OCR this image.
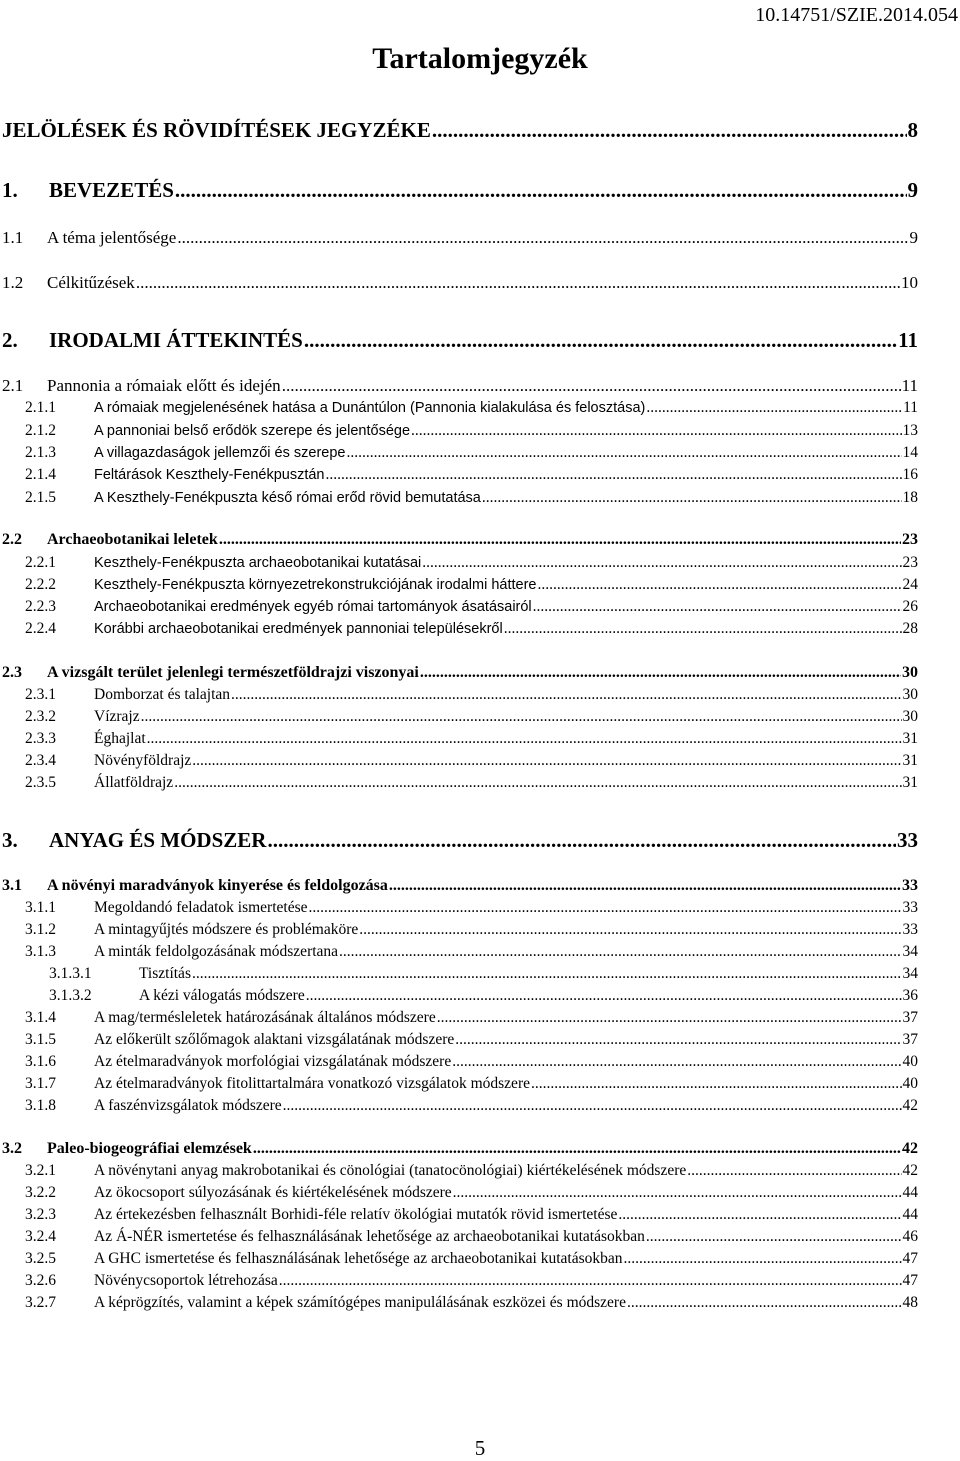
10.14751/SZIE.2014.054
Tartalomjegyzék
JELÖLÉSEK ÉS RÖVIDÍTÉSEK JEGYZÉKE .....	8
1.	BEVEZETÉS .....	9
1.1	A téma jelentősége .....	9
1.2	Célkitűzések .....	10
2.	IRODALMI ÁTTEKINTÉS .....	11
2.1	Pannonia a rómaiak előtt és idején .....	11
2.1.1	A rómaiak megjelenésének hatása a Dunántúlon (Pannonia kialakulása és felosztása) .....	11
2.1.2	A pannoniai belső erődök szerepe és jelentősége .....	13
2.1.3	A villagazdaságok jellemzői és szerepe .....	14
2.1.4	Feltárások Keszthely-Fenékpusztán .....	16
2.1.5	A Keszthely-Fenékpuszta késő római erőd rövid bemutatása .....	18
2.2	Archaeobotanikai leletek .....	23
2.2.1	Keszthely-Fenékpuszta archaeobotanikai kutatásai .....	23
2.2.2	Keszthely-Fenékpuszta környezetrekonstrukciójának irodalmi háttere .....	24
2.2.3	Archaeobotanikai eredmények egyéb római tartományok ásatásairól .....	26
2.2.4	Korábbi archaeobotanikai eredmények pannoniai településekről .....	28
2.3	A vizsgált terület jelenlegi természetföldrajzi viszonyai .....	30
2.3.1	Domborzat és talajtan .....	30
2.3.2	Vízrajz .....	30
2.3.3	Éghajlat .....	31
2.3.4	Növényföldrajz .....	31
2.3.5	Állatföldrajz .....	31
3.	ANYAG ÉS MÓDSZER .....	33
3.1	A növényi maradványok kinyerése és feldolgozása .....	33
3.1.1	Megoldandó feladatok ismertetése .....	33
3.1.2	A mintagyűjtés módszere és problémaköre .....	33
3.1.3	A minták feldolgozásának módszertana .....	34
3.1.3.1	Tisztítás .....	34
3.1.3.2	A kézi válogatás módszere .....	36
3.1.4	A mag/termésleletek határozásának általános módszere .....	37
3.1.5	Az előkerült szőlőmagok alaktani vizsgálatának módszere .....	37
3.1.6	Az ételmaradványok morfológiai vizsgálatának módszere .....	40
3.1.7	Az ételmaradványok fitolittartalmára vonatkozó vizsgálatok módszere .....	40
3.1.8	A faszénvizsgálatok módszere .....	42
3.2	Paleo-biogeográfiai elemzések .....	42
3.2.1	A növénytani anyag makrobotanikai és cönológiai (tanatocönológiai) kiértékelésének módszere .....	42
3.2.2	Az ökocsoport súlyozásának és kiértékelésének módszere .....	44
3.2.3	Az értekezésben felhasznált Borhidi-féle relatív ökológiai mutatók rövid ismertetése .....	44
3.2.4	Az Á-NÉR ismertetése és felhasználásának lehetősége az archaeobotanikai kutatásokban .....	46
3.2.5	A GHC ismertetése és felhasználásának lehetősége az archaeobotanikai kutatásokban .....	47
3.2.6	Növénycsoportok létrehozása .....	47
3.2.7	A képrögzítés, valamint a képek számítógépes manipulálásának eszközei és módszere .....	48
5
